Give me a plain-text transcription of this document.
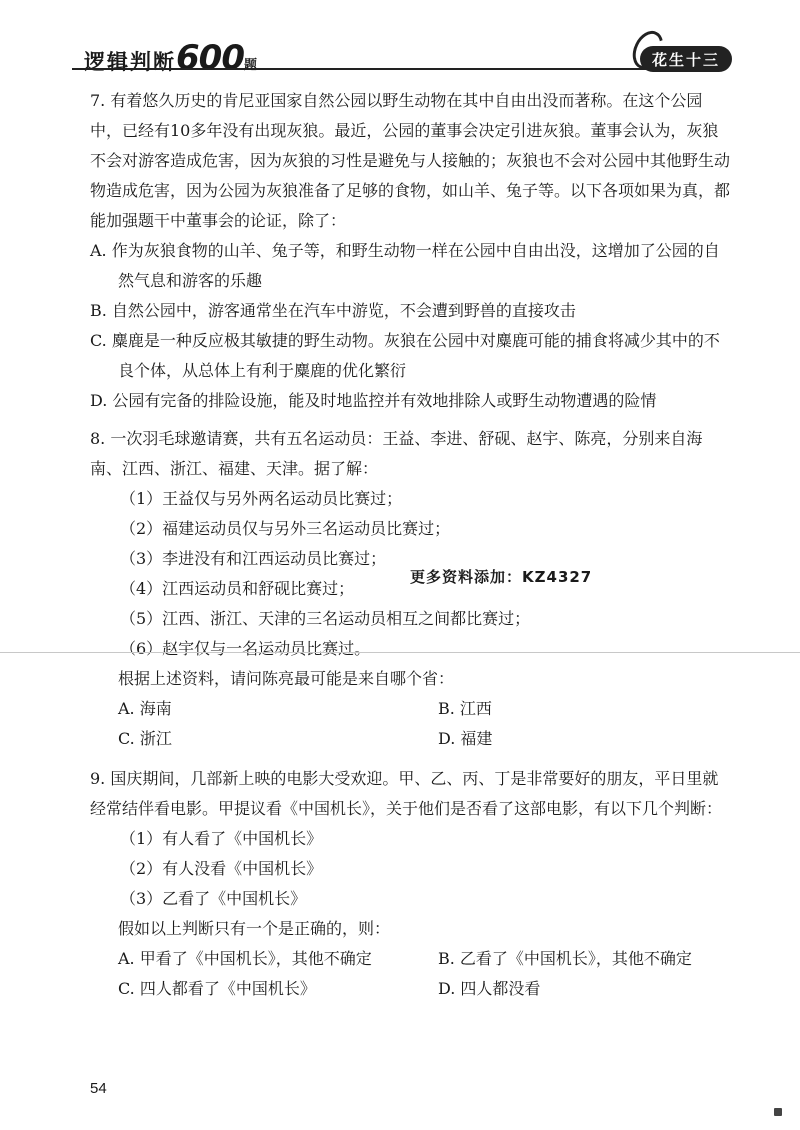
逻辑判断600题	花生十三

7. 有着悠久历史的肯尼亚国家自然公园以野生动物在其中自由出没而著称。在这个公园中，已经有10多年没有出现灰狼。最近，公园的董事会决定引进灰狼。董事会认为，灰狼不会对游客造成危害，因为灰狼的习性是避免与人接触的；灰狼也不会对公园中其他野生动物造成危害，因为公园为灰狼准备了足够的食物，如山羊、兔子等。以下各项如果为真，都能加强题干中董事会的论证，除了：

A. 作为灰狼食物的山羊、兔子等，和野生动物一样在公园中自由出没，这增加了公园的自然气息和游客的乐趣

B. 自然公园中，游客通常坐在汽车中游览，不会遭到野兽的直接攻击

C. 麋鹿是一种反应极其敏捷的野生动物。灰狼在公园中对麋鹿可能的捕食将减少其中的不良个体，从总体上有利于麋鹿的优化繁衍

D. 公园有完备的排险设施，能及时地监控并有效地排除人或野生动物遭遇的险情

8. 一次羽毛球邀请赛，共有五名运动员：王益、李进、舒砚、赵宇、陈亮，分别来自海南、江西、浙江、福建、天津。据了解：

（1）王益仅与另外两名运动员比赛过；

（2）福建运动员仅与另外三名运动员比赛过；

（3）李进没有和江西运动员比赛过；

（4）江西运动员和舒砚比赛过；

（5）江西、浙江、天津的三名运动员相互之间都比赛过；

（6）赵宇仅与一名运动员比赛过。

根据上述资料，请问陈亮最可能是来自哪个省：

A. 海南	B. 江西
C. 浙江	D. 福建
更多资料添加：KZ4327

9. 国庆期间，几部新上映的电影大受欢迎。甲、乙、丙、丁是非常要好的朋友，平日里就经常结伴看电影。甲提议看《中国机长》，关于他们是否看了这部电影，有以下几个判断：

（1）有人看了《中国机长》

（2）有人没看《中国机长》

（3）乙看了《中国机长》

假如以上判断只有一个是正确的，则：

A. 甲看了《中国机长》，其他不确定	B. 乙看了《中国机长》，其他不确定
C. 四人都看了《中国机长》	D. 四人都没看
54
